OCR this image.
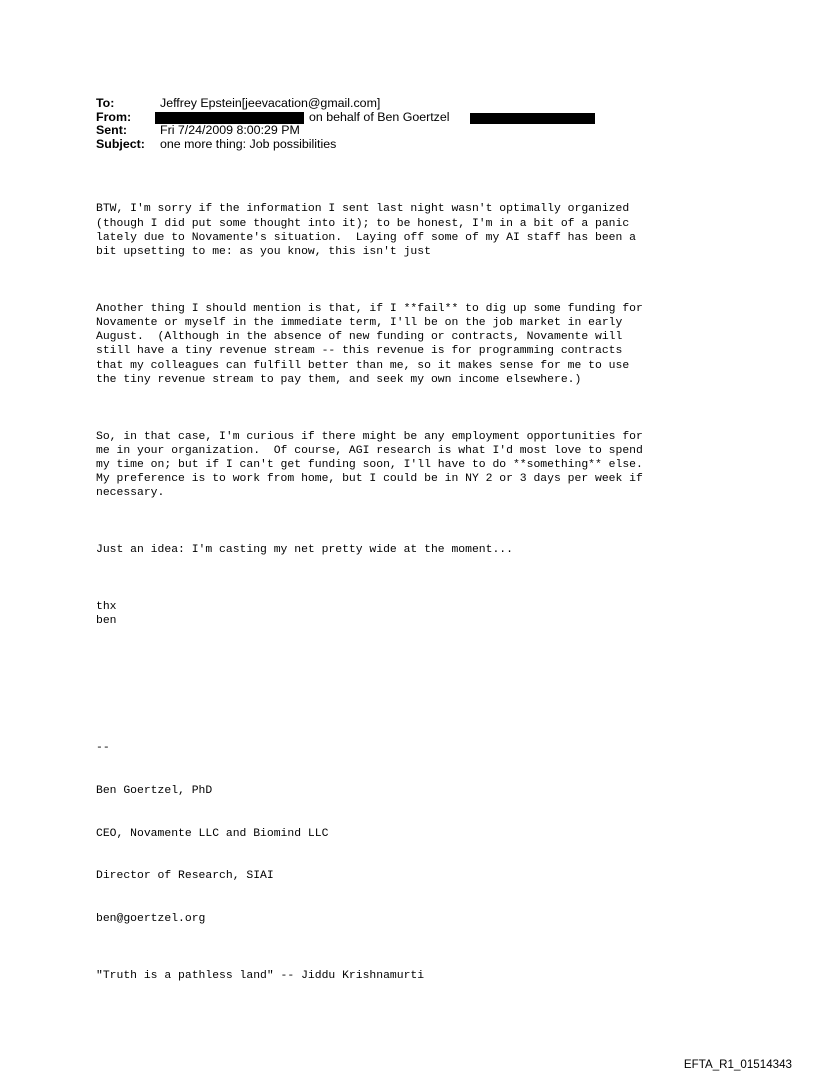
To:	Jeffrey Epstein[jeevacation@gmail.com]
From:	on behalf of Ben Goertzel
Sent:	Fri 7/24/2009 8:00:29 PM
Subject: one more thing: Job possibilities

BTW, I'm sorry if the information I sent last night wasn't optimally organized
(though I did put some thought into it); to be honest, I'm in a bit of a panic
lately due to Novamente's situation.  Laying off some of my AI staff has been a
bit upsetting to me: as you know, this isn't just

Another thing I should mention is that, if I **fail** to dig up some funding for
Novamente or myself in the immediate term, I'll be on the job market in early
August.  (Although in the absence of new funding or contracts, Novamente will
still have a tiny revenue stream -- this revenue is for programming contracts
that my colleagues can fulfill better than me, so it makes sense for me to use
the tiny revenue stream to pay them, and seek my own income elsewhere.)

So, in that case, I'm curious if there might be any employment opportunities for
me in your organization.  Of course, AGI research is what I'd most love to spend
my time on; but if I can't get funding soon, I'll have to do **something** else.
My preference is to work from home, but I could be in NY 2 or 3 days per week if
necessary.

Just an idea: I'm casting my net pretty wide at the moment...

thx
ben

--

Ben Goertzel, PhD

CEO, Novamente LLC and Biomind LLC

Director of Research, SIAI

ben@goertzel.org

"Truth is a pathless land" -- Jiddu Krishnamurti

EFTA_R1_01514343
